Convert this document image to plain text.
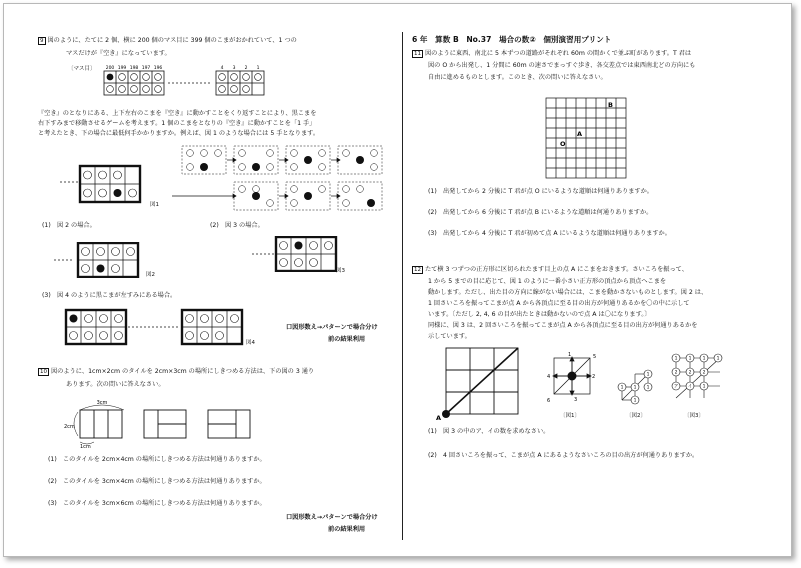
9 図のように、たてに 2 個、横に 200 個のマス目に 399 個のこまがおかれていて、1 つの
マスだけが『空き』になっています。
〔マス目〕 200 199 198 197 196	4 3 2 1
『空き』のとなりにある、上下左右のこまを『空き』に動かすことをくり返すことにより、黒こまを
右下すみまで移動させるゲームを考えます。1 個のこまをとなりの『空き』に動かすことを「1 手」
と考えたとき、下の場合に最低何手かかりますか。例えば、図 1 のような場合には 5 手となります。
図1
(1)　図 2 の場合。	(2)　図 3 の場合。
図2
図3
(3)　図 4 のように黒こまが左すみにある場合。
図4
口図形数え→パターンで場合分け
前の結果利用
10 図のように、1cm×2cm のタイルを 2cm×3cm の場所にしきつめる方法は、下の図の 3 通り
あります。次の問いに答えなさい。
3cm
2cm
1cm
(1)　このタイルを 2cm×4cm の場所にしきつめる方法は何通りありますか。
(2)　このタイルを 3cm×4cm の場所にしきつめる方法は何通りありますか。
(3)　このタイルを 3cm×6cm の場所にしきつめる方法は何通りありますか。
口図形数え→パターンで場合分け
前の結果利用
6 年　算数 B　No.37　場合の数②　個別演習用プリント
11 図のように東西、南北に 5 本ずつの道路がそれぞれ 60m の間かくで並ぶ町があります。T 君は
図の O から出発し、1 分間に 60m の速さでまっすぐ歩き、各交差点では東西南北どの方向にも
自由に進めるものとします。このとき、次の問いに答えなさい。
B
A
O
(1)　出発してから 2 分後に T 君が点 O にいるような道順は何通りありますか。
(2)　出発してから 6 分後に T 君が点 B にいるような道順は何通りありますか。
(3)　出発してから 4 分後に T 君が初めて点 A にいるような道順は何通りありますか。
12 たて横 3 つずつの正方形に区切られたます目上の点 A にこまをおきます。さいころを振って、
1 から 5 までの目に応じて、図 1 のように一番小さい正方形の頂点から頂点へこまを
動かします。ただし、出た目の方向に線がない場合には、こまを動かさないものとします。図 2 は、
1 回さいころを振ってこまが点 A から各頂点に至る目の出方が何通りあるかを〇の中に示して
います。〔ただし 2, 4, 6 の目が出たときは動かないので点 A は〇になります。〕
同様に、図 3 は、2 回さいころを振ってこまが点 A から各頂点に至る目の出方が何通りあるかを
示しています。
A
1
2
3
4
5
6
1 1
1
1
1
1 1 1 1
2 2 2
ア イ 1
〔図1〕	〔図2〕	〔図3〕
(1)　図 3 の中のア、イの数を求めなさい。
(2)　4 回さいころを振って、こまが点 A にあるようなさいころの目の出方が何通りありますか。
